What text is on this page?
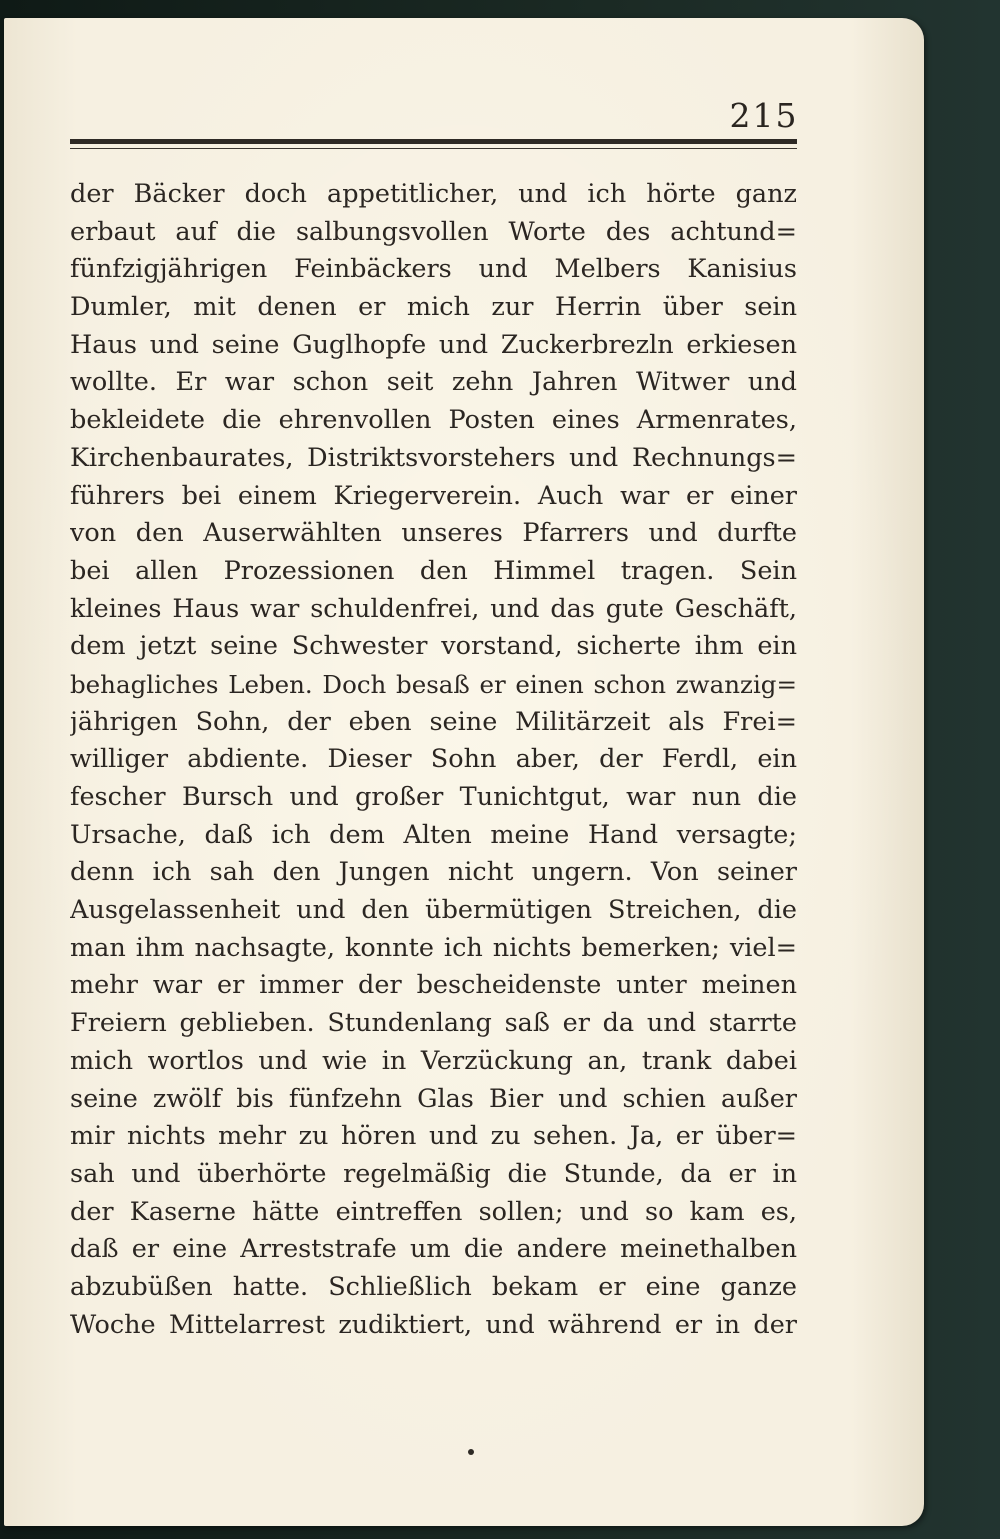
215
der Bäcker doch appetitlicher, und ich hörte ganz
erbaut auf die salbungsvollen Worte des achtund=
fünfzigjährigen Feinbäckers und Melbers Kanisius
Dumler, mit denen er mich zur Herrin über sein
Haus und seine Guglhopfe und Zuckerbrezln erkiesen
wollte. Er war schon seit zehn Jahren Witwer und
bekleidete die ehrenvollen Posten eines Armenrates,
Kirchenbaurates, Distriktsvorstehers und Rechnungs=
führers bei einem Kriegerverein. Auch war er einer
von den Auserwählten unseres Pfarrers und durfte
bei allen Prozessionen den Himmel tragen. Sein
kleines Haus war schuldenfrei, und das gute Geschäft,
dem jetzt seine Schwester vorstand, sicherte ihm ein
behagliches Leben. Doch besaß er einen schon zwanzig=
jährigen Sohn, der eben seine Militärzeit als Frei=
williger abdiente. Dieser Sohn aber, der Ferdl, ein
fescher Bursch und großer Tunichtgut, war nun die
Ursache, daß ich dem Alten meine Hand versagte;
denn ich sah den Jungen nicht ungern. Von seiner
Ausgelassenheit und den übermütigen Streichen, die
man ihm nachsagte, konnte ich nichts bemerken; viel=
mehr war er immer der bescheidenste unter meinen
Freiern geblieben. Stundenlang saß er da und starrte
mich wortlos und wie in Verzückung an, trank dabei
seine zwölf bis fünfzehn Glas Bier und schien außer
mir nichts mehr zu hören und zu sehen. Ja, er über=
sah und überhörte regelmäßig die Stunde, da er in
der Kaserne hätte eintreffen sollen; und so kam es,
daß er eine Arreststrafe um die andere meinethalben
abzubüßen hatte. Schließlich bekam er eine ganze
Woche Mittelarrest zudiktiert, und während er in der
